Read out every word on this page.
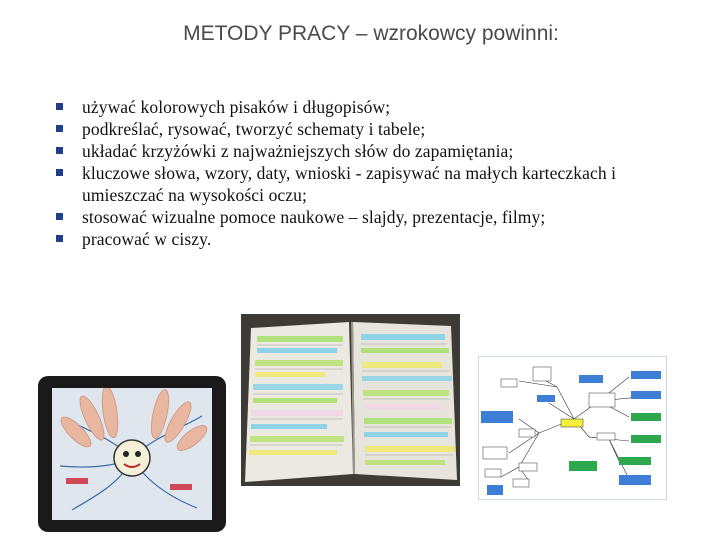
METODY PRACY – wzrokowcy powinni:
używać kolorowych pisaków i długopisów;
podkreślać, rysować, tworzyć schematy i tabele;
układać krzyżówki z najważniejszych słów do zapamiętania;
kluczowe słowa, wzory, daty, wnioski - zapisywać na małych karteczkach i umieszczać na wysokości oczu;
stosować wizualne pomoce naukowe – slajdy, prezentacje, filmy;
pracować w ciszy.
